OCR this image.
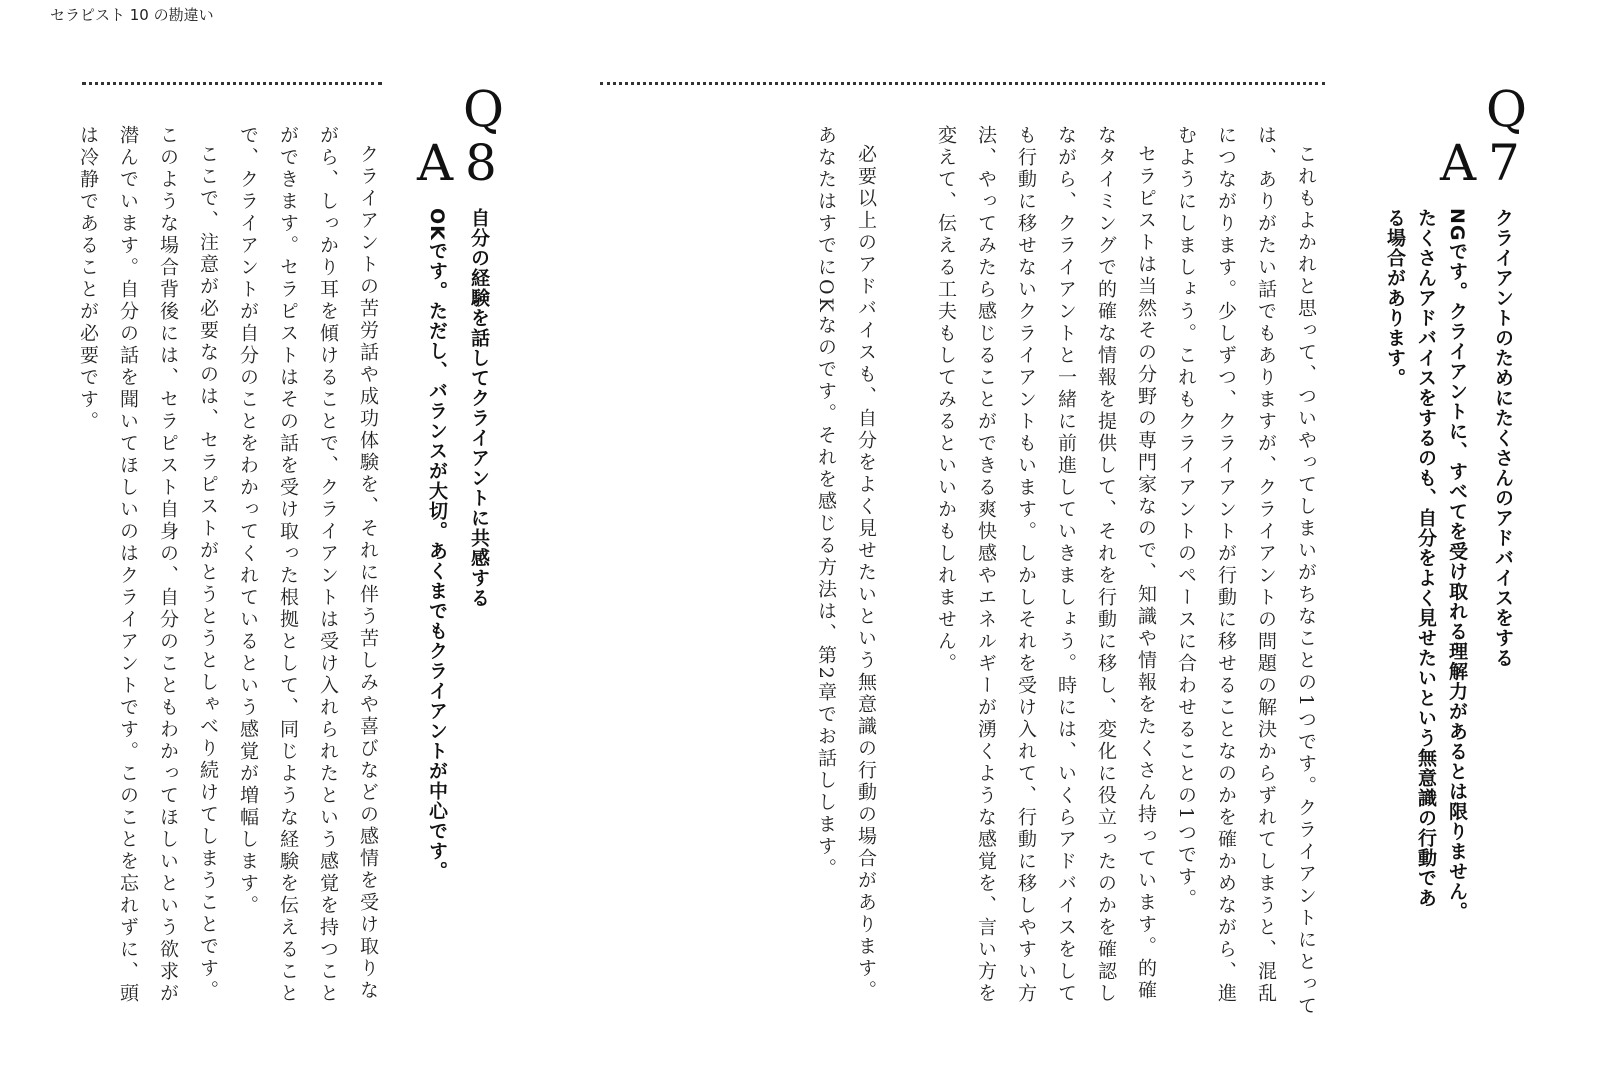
セラピスト 10 の勘違い
Q
7
A
クライアントのためにたくさんのアドバイスをする
NGです。クライアントに、すべてを受け取れる理解力があるとは限りません。
たくさんアドバイスをするのも、自分をよく見せたいという無意識の行動であ
る場合があります。

これもよかれと思って、ついやってしまいがちなことの1つです。クライアントにとっては、ありがたい話でもありますが、クライアントの問題の解決からずれてしまうと、混乱につながります。少しずつ、クライアントが行動に移せることなのかを確かめながら、進むようにしましょう。これもクライアントのペースに合わせることの1つです。

セラピストは当然その分野の専門家なので、知識や情報をたくさん持っています。的確なタイミングで的確な情報を提供して、それを行動に移し、変化に役立ったのかを確認しながら、クライアントと一緒に前進していきましょう。時には、いくらアドバイスをしても行動に移せないクライアントもいます。しかしそれを受け入れて、行動に移しやすい方法、やってみたら感じることができる爽快感やエネルギーが湧くような感覚を、言い方を変えて、伝える工夫もしてみるといいかもしれません。

必要以上のアドバイスも、自分をよく見せたいという無意識の行動の場合があります。あなたはすでにOKなのです。それを感じる方法は、第2章でお話しします。

Q
8
A
自分の経験を話してクライアントに共感する
OKです。ただし、バランスが大切。あくまでもクライアントが中心です。

クライアントの苦労話や成功体験を、それに伴う苦しみや喜びなどの感情を受け取りながら、しっかり耳を傾けることで、クライアントは受け入れられたという感覚を持つことができます。セラピストはその話を受け取った根拠として、同じような経験を伝えることで、クライアントが自分のことをわかってくれているという感覚が増幅します。

ここで、注意が必要なのは、セラピストがとうとうとしゃべり続けてしまうことです。このような場合背後には、セラピスト自身の、自分のこともわかってほしいという欲求が潜んでいます。自分の話を聞いてほしいのはクライアントです。このことを忘れずに、頭は冷静であることが必要です。
